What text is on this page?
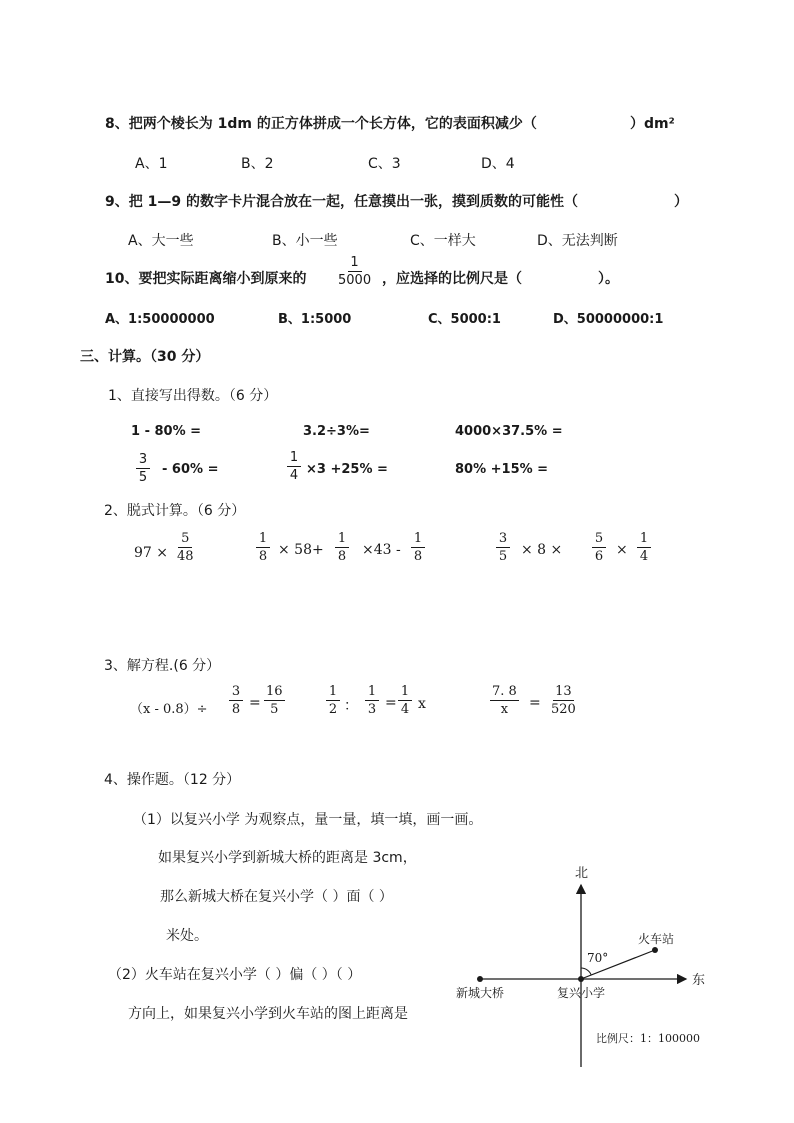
8、把两个棱长为 1dm 的正方体拼成一个长方体，它的表面积减少（	）dm²
A、1	B、2	C、3	D、4
9、把 1—9 的数字卡片混合放在一起，任意摸出一张，摸到质数的可能性（	）
A、大一些	B、小一些	C、一样大	D、无法判断
10、要把实际距离缩小到原来的 $\frac{1}{5000}$ ，应选择的比例尺是（	）。
A、1:50000000	B、1:5000	C、5000:1	D、50000000:1
三、计算。（30 分）
1、直接写出得数。（6 分）
1 - 80% =	3.2÷3%=	4000×37.5% =
$\frac{3}{5} - 60\%$ =	$\frac{1}{4} \times 3 +25\%$ =	80% +15% =
2、脱式计算。（6 分）
$97 \times \frac{5}{48}$	$\frac{1}{8} \times 58+ \frac{1}{8} \times 43 - \frac{1}{8}$	$\frac{3}{5} \times 8 \times \frac{5}{6} \times \frac{1}{4}$
3、解方程.(6 分）
$(x - 0.8)\div \frac{3}{8} = \frac{16}{5}$	$\frac{1}{2}$ ： $\frac{1}{3} = \frac{1}{4}$ x	$\frac{7. 8}{x} = \frac{13}{520}$
4、操作题。（12 分）
（1）以复兴小学 为观察点，量一量，填一填，画一画。
如果复兴小学到新城大桥的距离是 3cm，
那么新城大桥在复兴小学（ ）面（ ）
米处。
（2）火车站在复兴小学（ ）偏（ ）（ ）
方向上，如果复兴小学到火车站的图上距离是
北
东
70°
火车站
新城大桥	复兴小学
比例尺：1：100000
